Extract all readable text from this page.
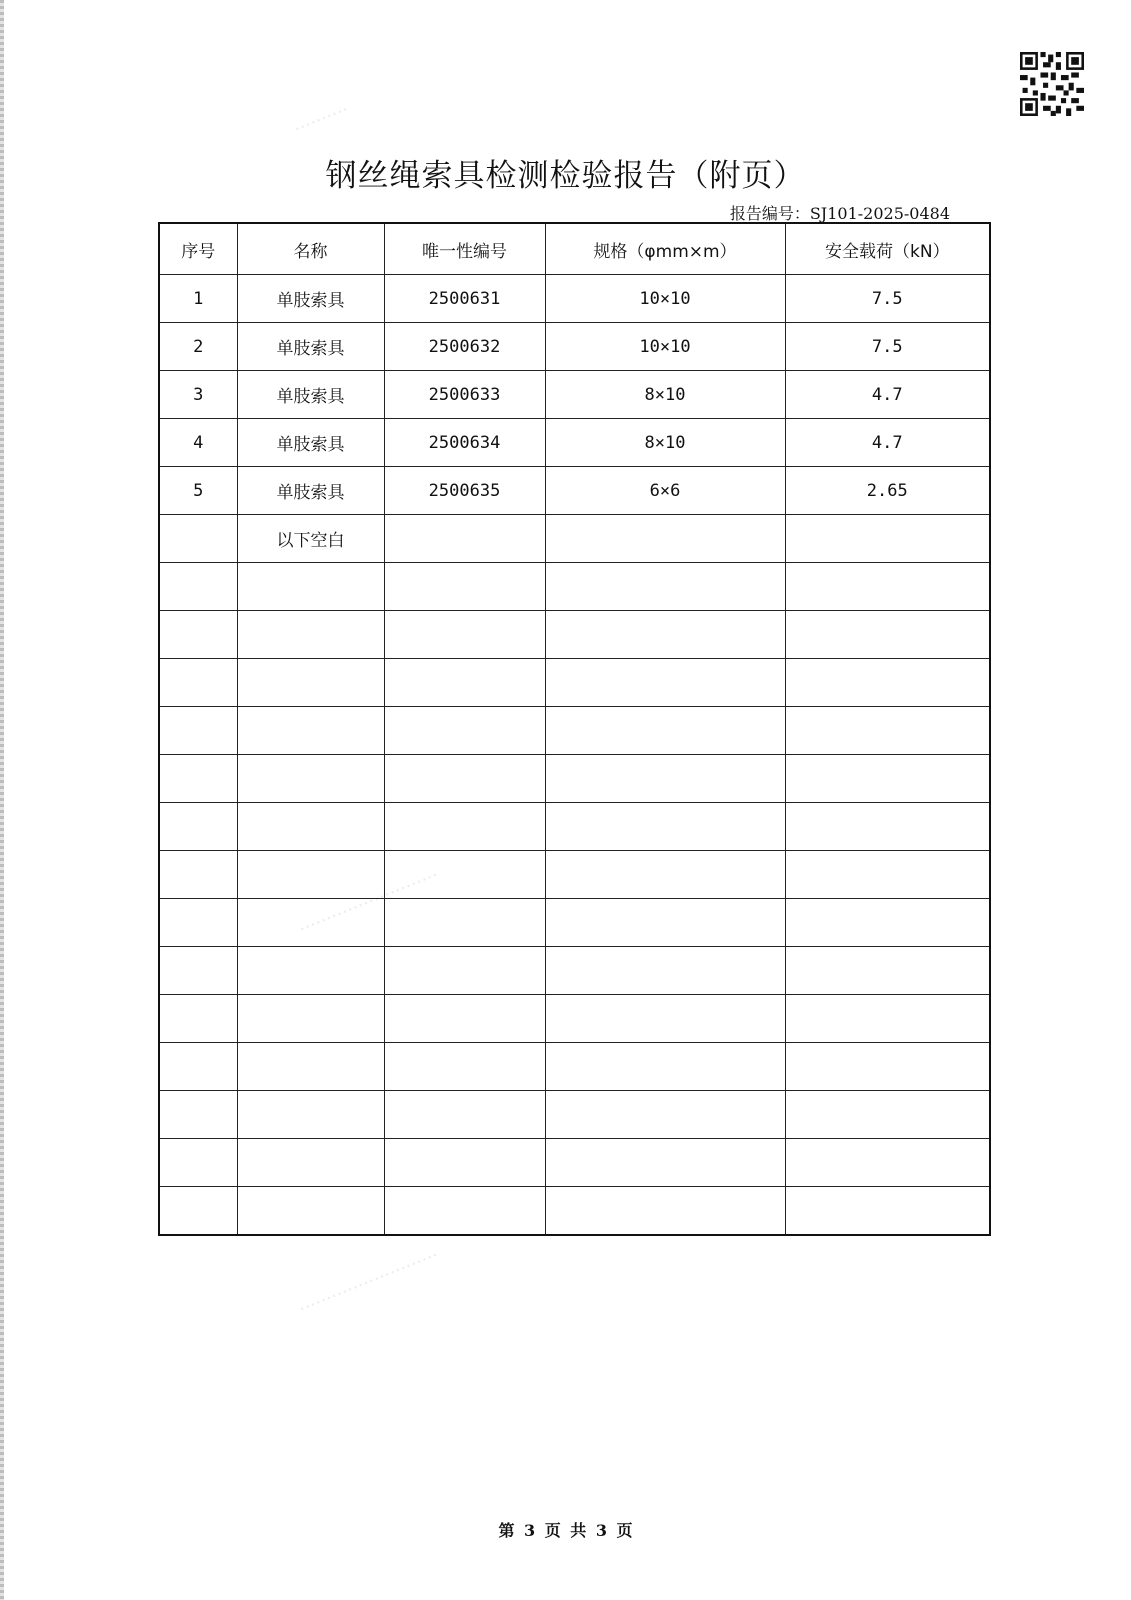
··········
··························
··························
钢丝绳索具检测检验报告（附页）
报告编号：SJ101-2025-0484
序号	名称	唯一性编号	规格（φmm×m）	安全载荷（kN）
1	单肢索具	2500631	10×10	7.5
2	单肢索具	2500632	10×10	7.5
3	单肢索具	2500633	8×10	4.7
4	单肢索具	2500634	8×10	4.7
5	单肢索具	2500635	6×6	2.65
	以下空白			

第 3 页 共 3 页
